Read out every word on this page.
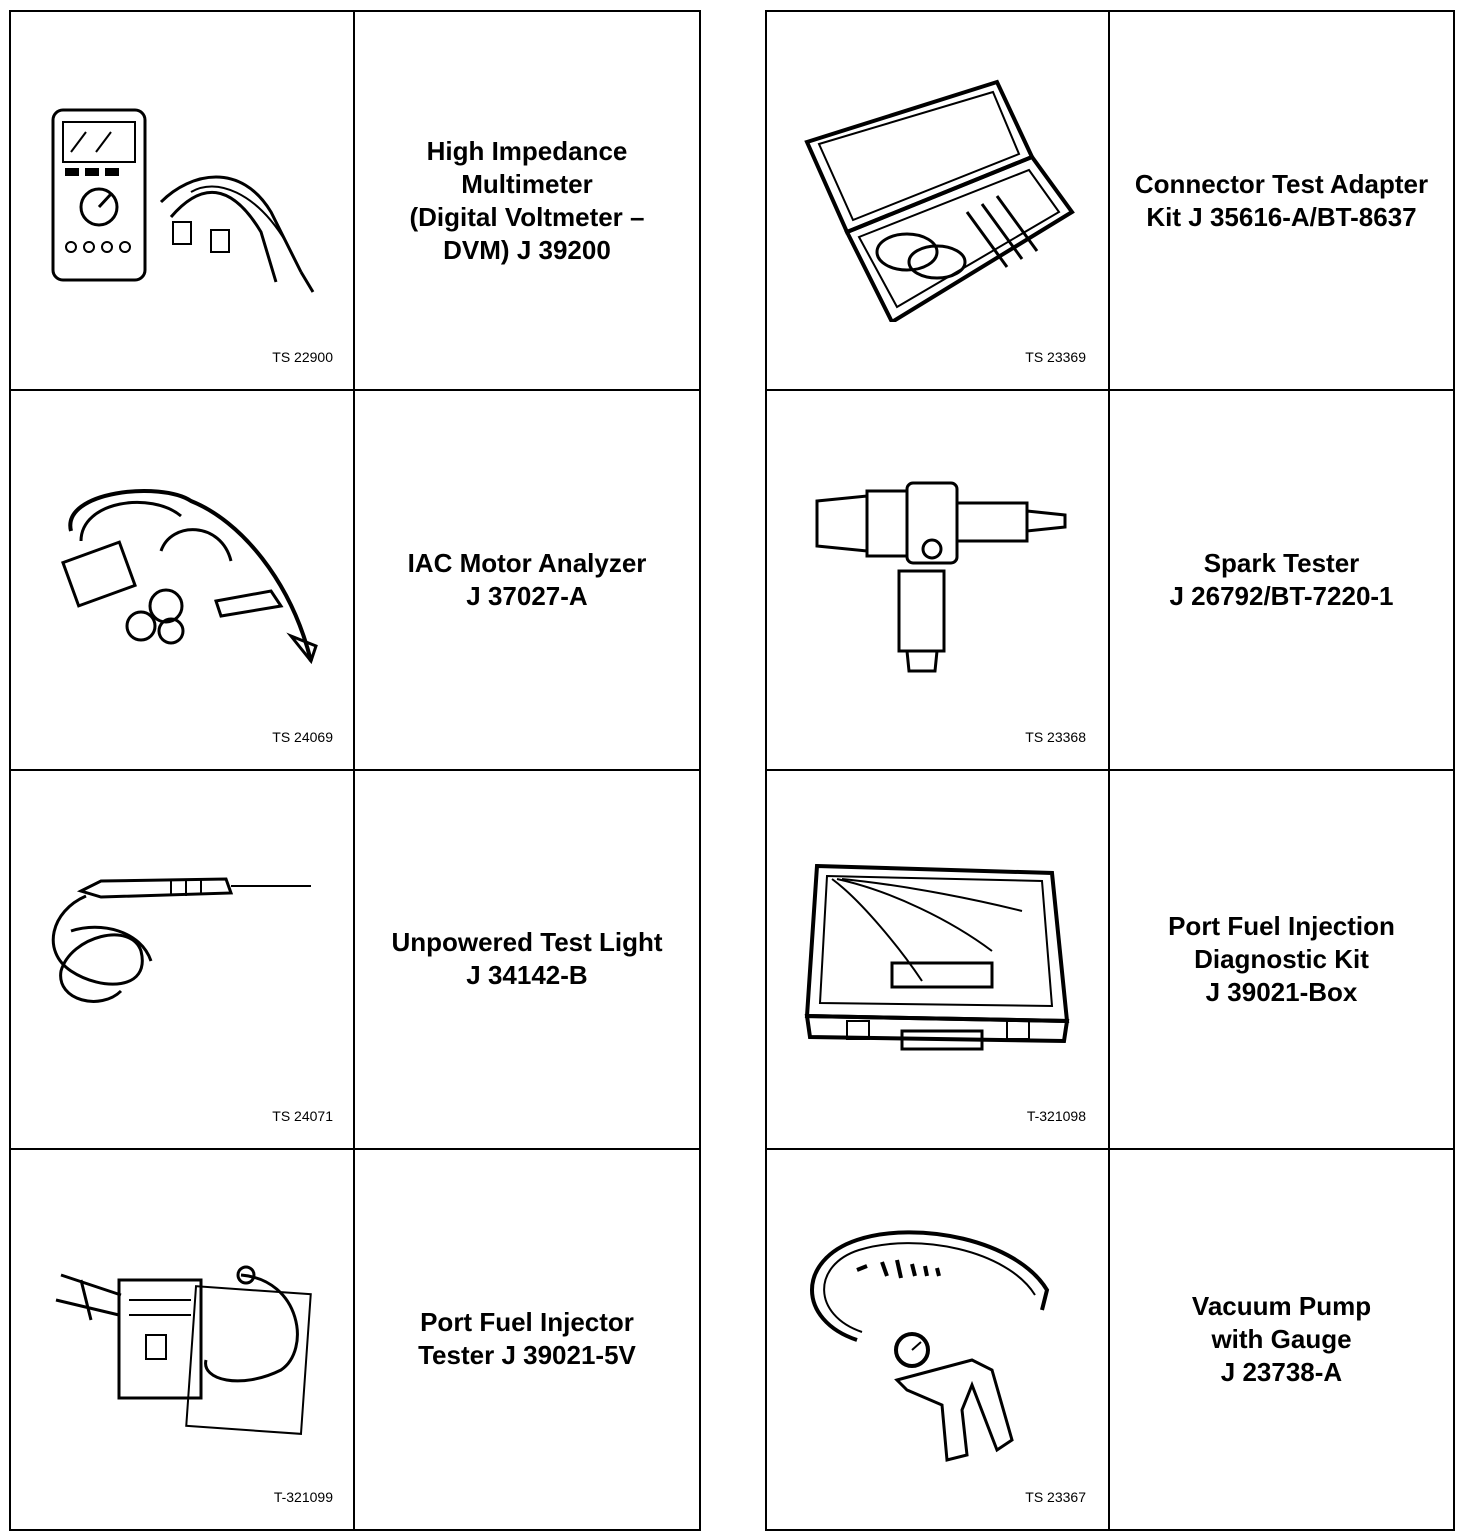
TS 22900
High Impedance
Multimeter
(Digital Voltmeter –
DVM) J 39200
TS 24069
IAC Motor Analyzer
J 37027-A
TS 24071
Unpowered Test Light
J 34142-B
T-321099
Port Fuel Injector
Tester J 39021-5V
TS 23369
Connector Test Adapter
Kit J 35616-A/BT-8637
TS 23368
Spark Tester
J 26792/BT-7220-1
T-321098
Port Fuel Injection
Diagnostic Kit
J 39021-Box
TS 23367
Vacuum Pump
with Gauge
J 23738-A
